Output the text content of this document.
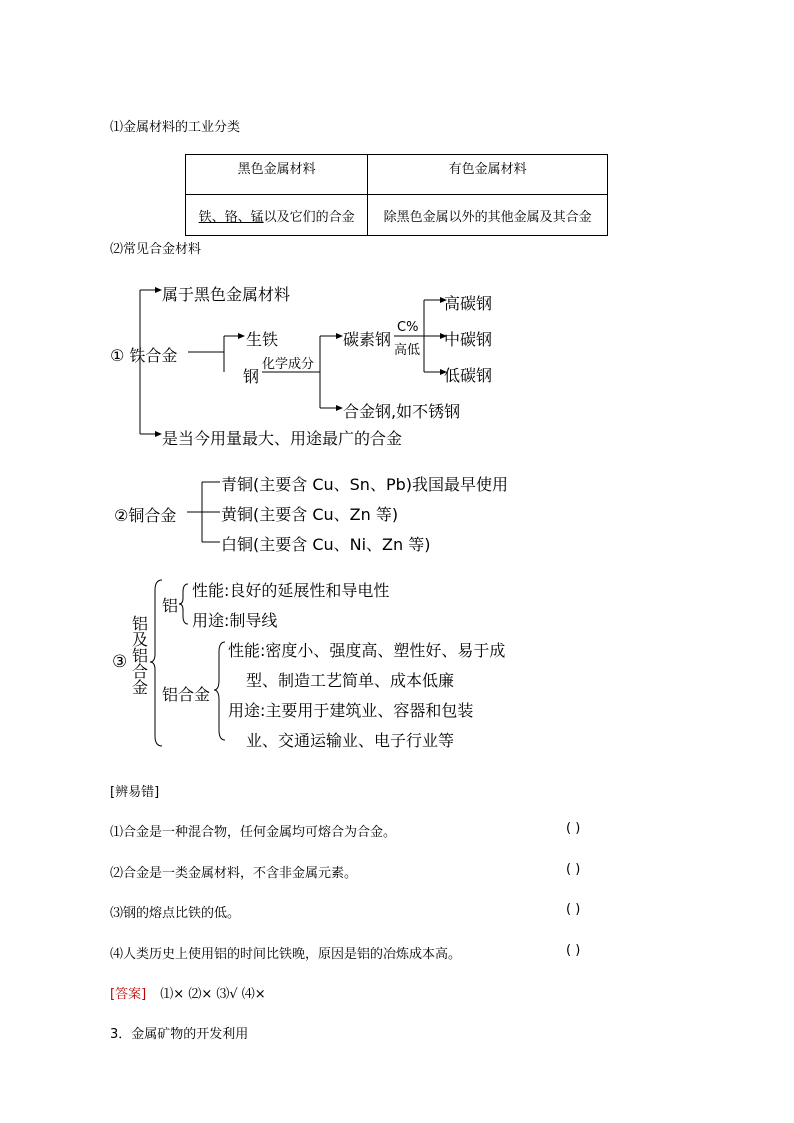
⑴金属材料的工业分类
黑色金属材料	有色金属材料
铁、铬、锰以及它们的合金	除黑色金属以外的其他金属及其合金
⑵常见合金材料
① 铁合金
属于黑色金属材料
生铁
钢
化学成分
碳素钢
C%
高低
高碳钢
中碳钢
低碳钢
合金钢,如不锈钢
是当今用量最大、用途最广的合金
②铜合金
青铜(主要含 Cu、Sn、Pb)我国最早使用
黄铜(主要含 Cu、Zn 等)
白铜(主要含 Cu、Ni、Zn 等)
③
铝
及
铝
合
金
铝
性能:良好的延展性和导电性
用途:制导线
铝合金
性能:密度小、强度高、塑性好、易于成
型、制造工艺简单、成本低廉
用途:主要用于建筑业、容器和包装
业、交通运输业、电子行业等
[辨易错]
⑴合金是一种混合物，任何金属均可熔合为合金。	( )
⑵合金是一类金属材料，不含非金属元素。	( )
⑶钢的熔点比铁的低。	( )
⑷人类历史上使用铝的时间比铁晚，原因是铝的冶炼成本高。	( )
[答案] ⑴× ⑵× ⑶√ ⑷×
3．金属矿物的开发利用
